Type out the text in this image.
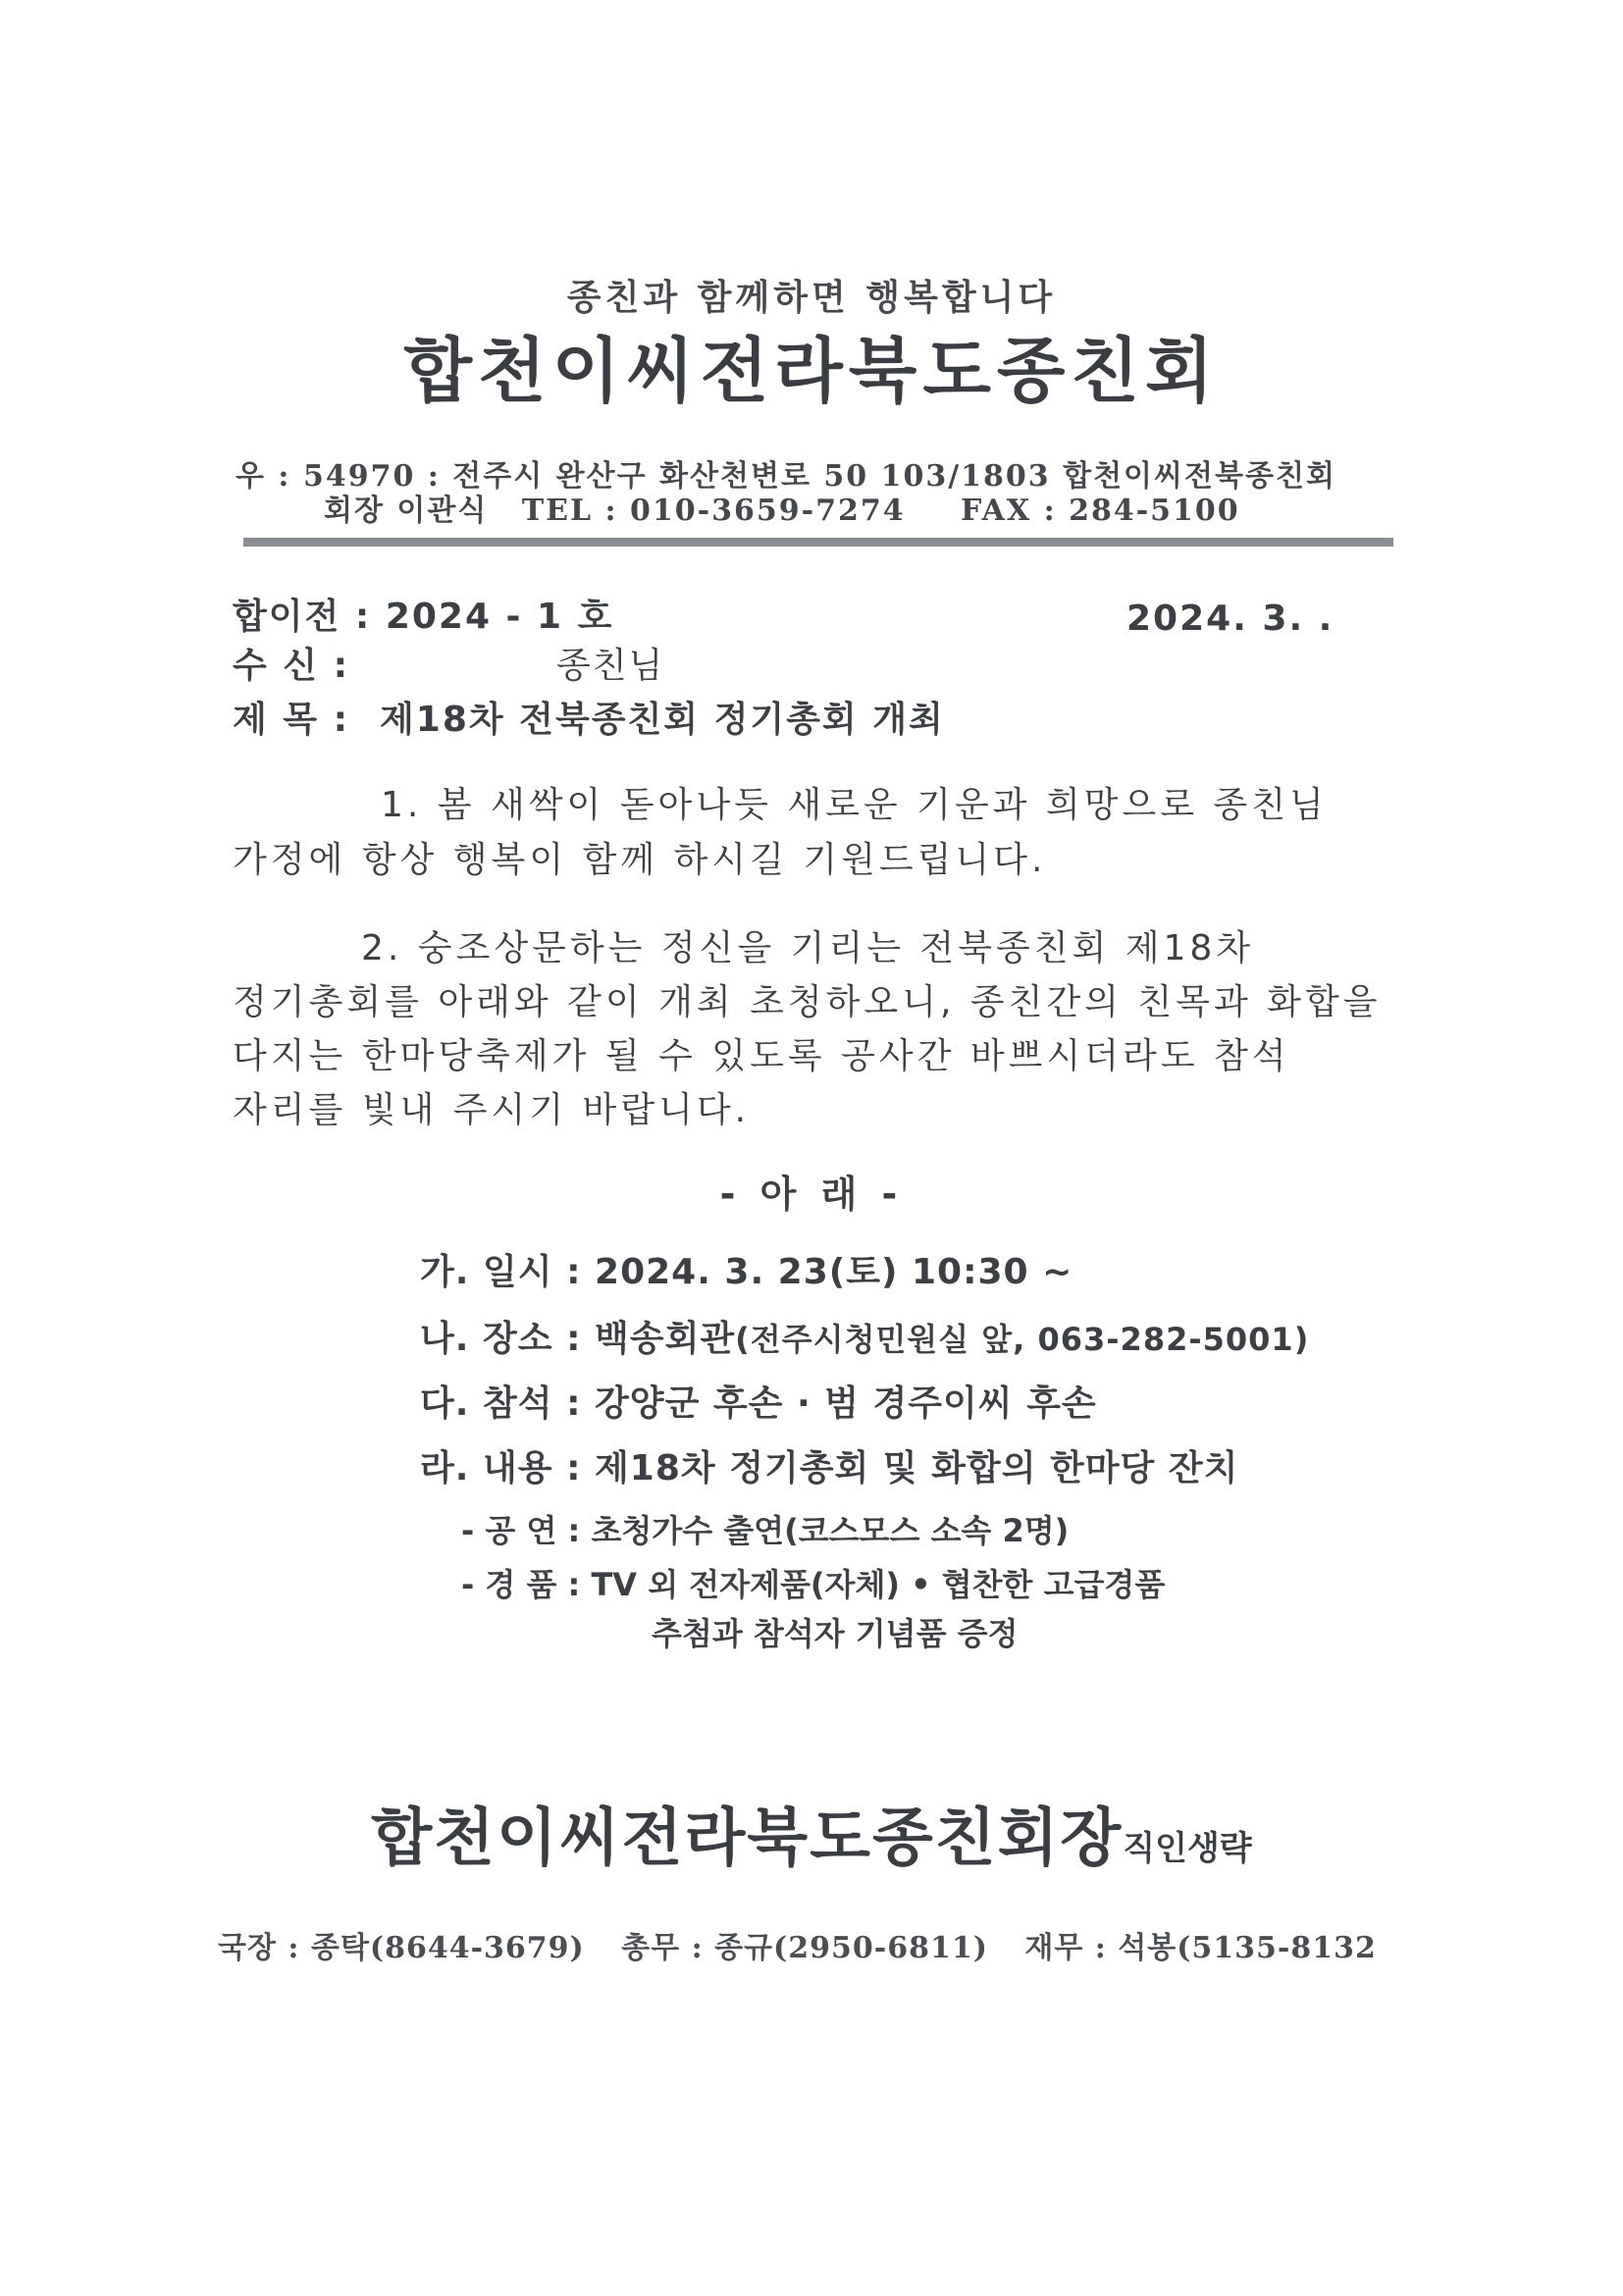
종친과 함께하면 행복합니다
합천이씨전라북도종친회
우 : 54970 : 전주시 완산구 화산천변로 50 103/1803 합천이씨전북종친회
회장 이관식 TEL : 010-3659-7274 FAX : 284-5100
합이전 : 2024 - 1 호	2024. 3. .
수 신 :	종친님
제 목 : 제18차 전북종친회 정기총회 개최
1. 봄 새싹이 돋아나듯 새로운 기운과 희망으로 종친님
가정에 항상 행복이 함께 하시길 기원드립니다.
2. 숭조상문하는 정신을 기리는 전북종친회 제18차
정기총회를 아래와 같이 개최 초청하오니, 종친간의 친목과 화합을
다지는 한마당축제가 될 수 있도록 공사간 바쁘시더라도 참석
자리를 빛내 주시기 바랍니다.
- 아 래 -
가. 일시 : 2024. 3. 23(토) 10:30 ~
나. 장소 : 백송회관(전주시청민원실 앞, 063-282-5001)
다. 참석 : 강양군 후손 · 범 경주이씨 후손
라. 내용 : 제18차 정기총회 및 화합의 한마당 잔치
- 공 연 : 초청가수 출연(코스모스 소속 2명)
- 경 품 : TV 외 전자제품(자체) • 협찬한 고급경품
추첨과 참석자 기념품 증정
합천이씨전라북도종친회장직인생략
국장 : 종탁(8644-3679) 총무 : 종규(2950-6811) 재무 : 석봉(5135-8132
